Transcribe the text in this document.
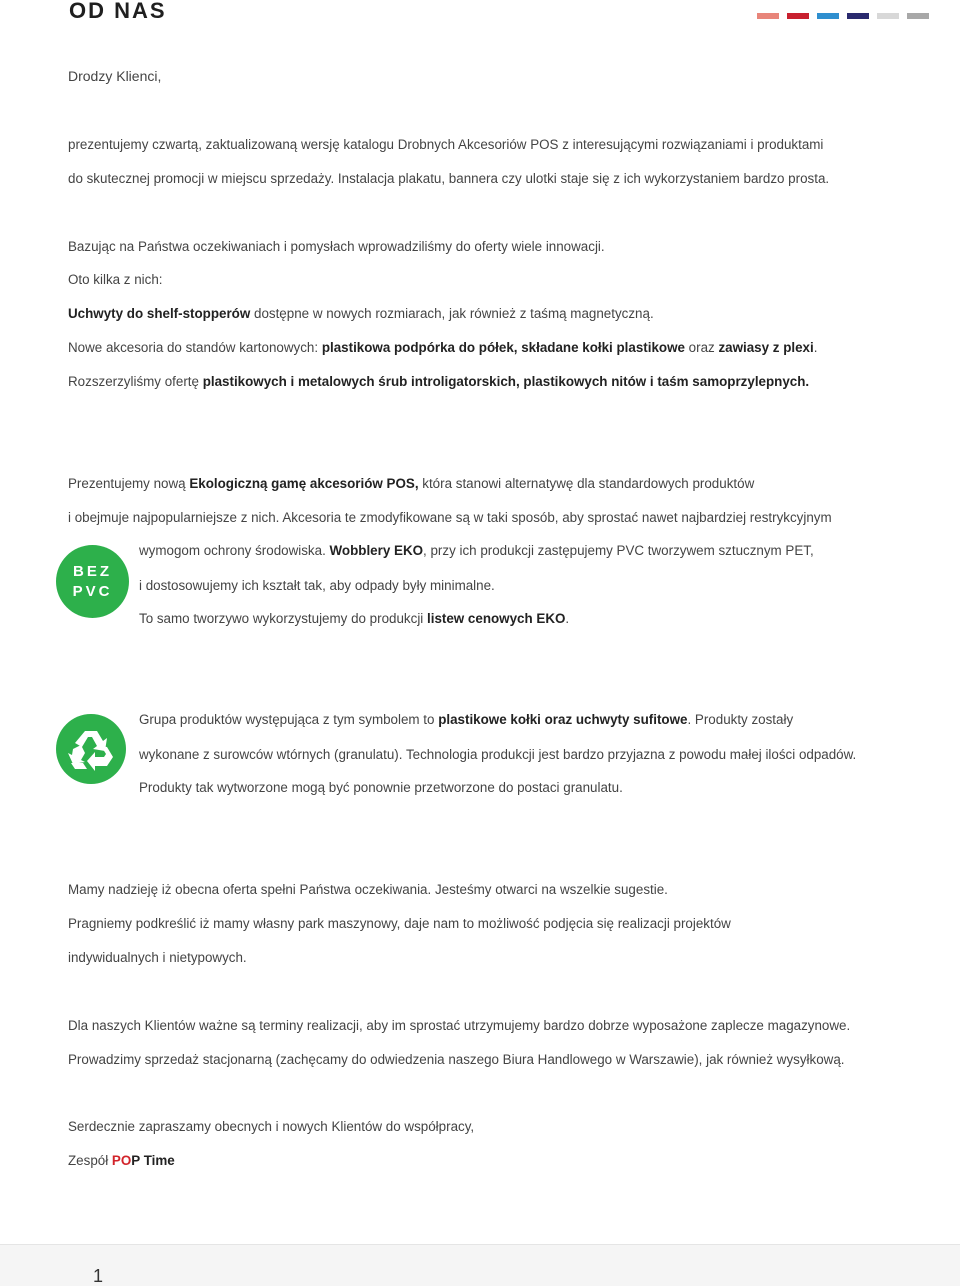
OD NAS

Drodzy Klienci,

prezentujemy czwartą, zaktualizowaną wersję katalogu Drobnych Akcesoriów POS z interesującymi rozwiązaniami i produktami

do skutecznej promocji w miejscu sprzedaży. Instalacja plakatu, bannera czy ulotki staje się z ich wykorzystaniem bardzo prosta.

Bazując na Państwa oczekiwaniach i pomysłach wprowadziliśmy do oferty wiele innowacji.

Oto kilka z nich:

Uchwyty do shelf-stopperów dostępne w nowych rozmiarach, jak również z taśmą magnetyczną.

Nowe akcesoria do standów kartonowych: plastikowa podpórka do półek, składane kołki plastikowe oraz zawiasy z plexi.

Rozszerzyliśmy ofertę plastikowych i metalowych śrub introligatorskich, plastikowych nitów i taśm samoprzylepnych.

Prezentujemy nową Ekologiczną gamę akcesoriów POS, która stanowi alternatywę dla standardowych produktów

i obejmuje najpopularniejsze z nich. Akcesoria te zmodyfikowane są w taki sposób, aby sprostać nawet najbardziej restrykcyjnym

BEZ
PVC

wymogom ochrony środowiska. Wobblery EKO, przy ich produkcji zastępujemy PVC tworzywem sztucznym PET,

i dostosowujemy ich kształt tak, aby odpady były minimalne.

To samo tworzywo wykorzystujemy do produkcji listew cenowych EKO.

Grupa produktów występująca z tym symbolem to plastikowe kołki oraz uchwyty sufitowe. Produkty zostały

wykonane z surowców wtórnych (granulatu). Technologia produkcji jest bardzo przyjazna z powodu małej ilości odpadów.

Produkty tak wytworzone mogą być ponownie przetworzone do postaci granulatu.

Mamy nadzieję iż obecna oferta spełni Państwa oczekiwania. Jesteśmy otwarci na wszelkie sugestie.

Pragniemy podkreślić iż mamy własny park maszynowy, daje nam to możliwość podjęcia się realizacji projektów

indywidualnych i nietypowych.

Dla naszych Klientów ważne są terminy realizacji, aby im sprostać utrzymujemy bardzo dobrze wyposażone zaplecze magazynowe.

Prowadzimy sprzedaż stacjonarną (zachęcamy do odwiedzenia naszego Biura Handlowego w Warszawie), jak również wysyłkową.

Serdecznie zapraszamy obecnych i nowych Klientów do współpracy,

Zespół POP Time

1
